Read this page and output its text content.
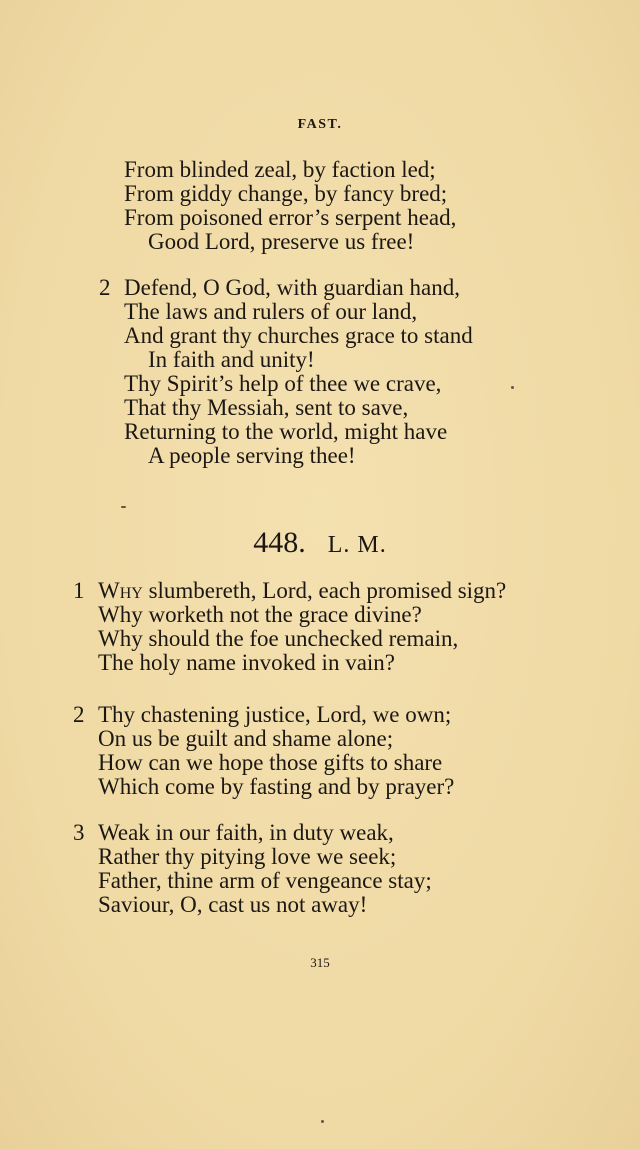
FAST.
From blinded zeal, by faction led;
From giddy change, by fancy bred;
From poisoned error’s serpent head,
Good Lord, preserve us free!
2 Defend, O God, with guardian hand,
The laws and rulers of our land,
And grant thy churches grace to stand
In faith and unity!
Thy Spirit’s help of thee we crave,
That thy Messiah, sent to save,
Returning to the world, might have
A people serving thee!
448. L. M.
1 Why slumbereth, Lord, each promised sign?
Why worketh not the grace divine?
Why should the foe unchecked remain,
The holy name invoked in vain?
2 Thy chastening justice, Lord, we own;
On us be guilt and shame alone;
How can we hope those gifts to share
Which come by fasting and by prayer?
3 Weak in our faith, in duty weak,
Rather thy pitying love we seek;
Father, thine arm of vengeance stay;
Saviour, O, cast us not away!
315
